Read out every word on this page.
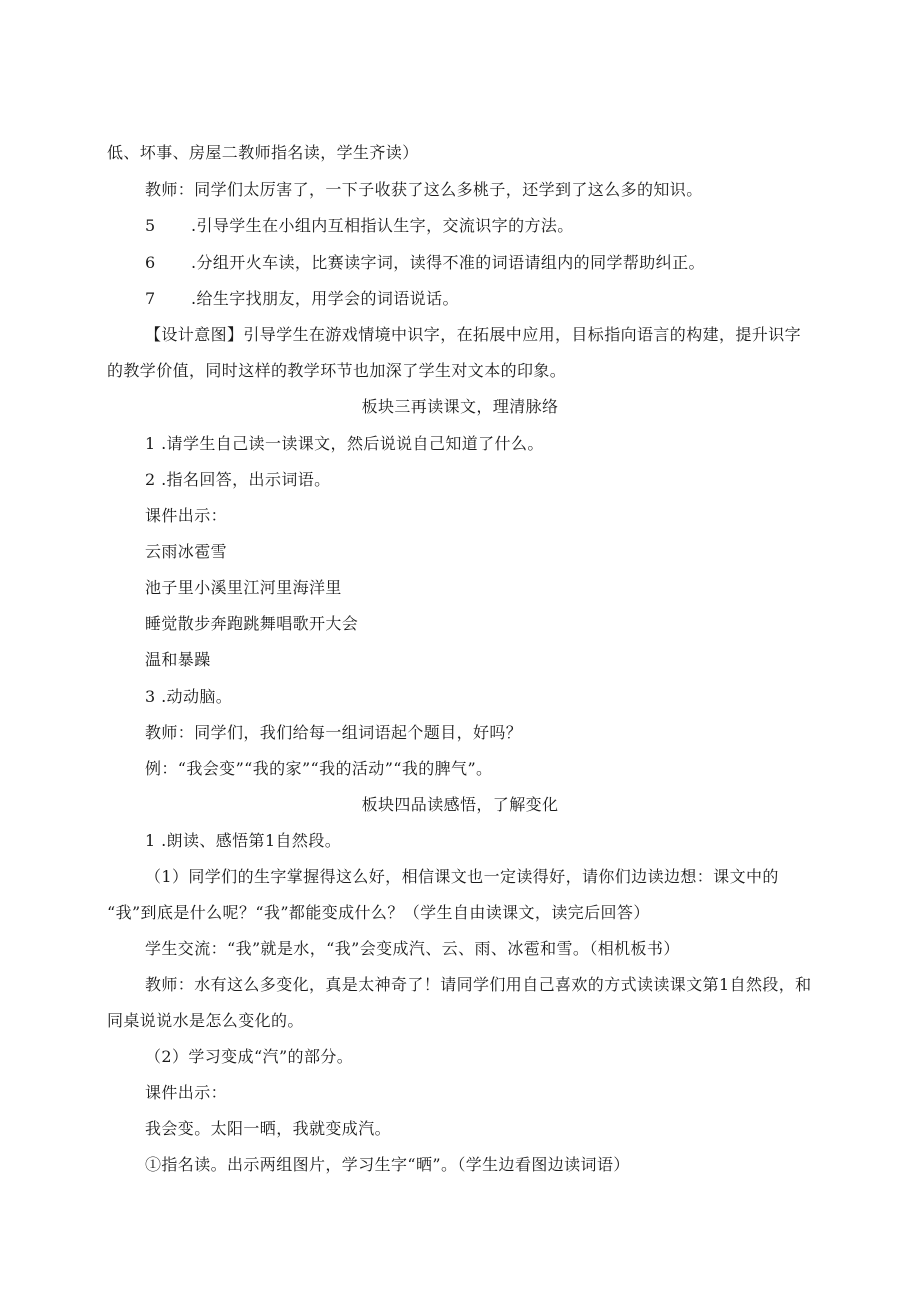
低、坏事、房屋二教师指名读，学生齐读）
教师：同学们太厉害了，一下子收获了这么多桃子，还学到了这么多的知识。
5 .引导学生在小组内互相指认生字，交流识字的方法。
6 .分组开火车读，比赛读字词，读得不准的词语请组内的同学帮助纠正。
7 .给生字找朋友，用学会的词语说话。
【设计意图】引导学生在游戏情境中识字，在拓展中应用，目标指向语言的构建，提升识字
的教学价值，同时这样的教学环节也加深了学生对文本的印象。
板块三再读课文，理清脉络
1 .请学生自己读一读课文，然后说说自己知道了什么。
2 .指名回答，出示词语。
课件出示：
云雨冰雹雪
池子里小溪里江河里海洋里
睡觉散步奔跑跳舞唱歌开大会
温和暴躁
3 .动动脑。
教师：同学们，我们给每一组词语起个题目，好吗？
例：“我会变”“我的家”“我的活动”“我的脾气”。
板块四品读感悟，了解变化
1 .朗读、感悟第1自然段。
（1）同学们的生字掌握得这么好，相信课文也一定读得好，请你们边读边想：课文中的
“我”到底是什么呢？“我”都能变成什么？（学生自由读课文，读完后回答）
学生交流：“我”就是水，“我”会变成汽、云、雨、冰雹和雪。（相机板书）
教师：水有这么多变化，真是太神奇了！请同学们用自己喜欢的方式读读课文第1自然段，和
同桌说说水是怎么变化的。
（2）学习变成“汽”的部分。
课件出示：
我会变。太阳一晒，我就变成汽。
①指名读。出示两组图片，学习生字“晒”。（学生边看图边读词语）
